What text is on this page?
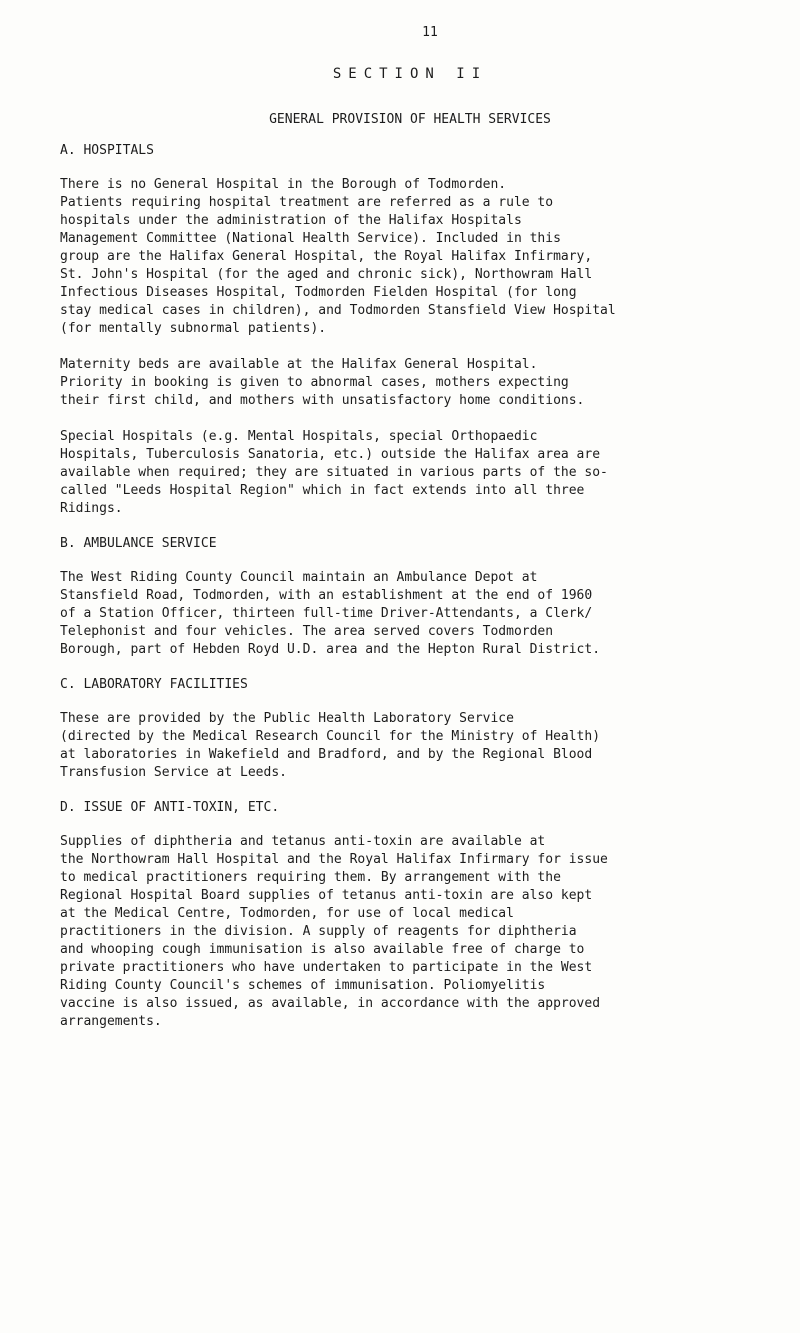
11
SECTION II
GENERAL PROVISION OF HEALTH SERVICES
A. HOSPITALS
There is no General Hospital in the Borough of Todmorden.
Patients requiring hospital treatment are referred as a rule to
hospitals under the administration of the Halifax Hospitals
Management Committee (National Health Service). Included in this
group are the Halifax General Hospital, the Royal Halifax Infirmary,
St. John's Hospital (for the aged and chronic sick), Northowram Hall
Infectious Diseases Hospital, Todmorden Fielden Hospital (for long
stay medical cases in children), and Todmorden Stansfield View Hospital
(for mentally subnormal patients).
Maternity beds are available at the Halifax General Hospital.
Priority in booking is given to abnormal cases, mothers expecting
their first child, and mothers with unsatisfactory home conditions.
Special Hospitals (e.g. Mental Hospitals, special Orthopaedic
Hospitals, Tuberculosis Sanatoria, etc.) outside the Halifax area are
available when required; they are situated in various parts of the so-
called "Leeds Hospital Region" which in fact extends into all three
Ridings.
B. AMBULANCE SERVICE
The West Riding County Council maintain an Ambulance Depot at
Stansfield Road, Todmorden, with an establishment at the end of 1960
of a Station Officer, thirteen full-time Driver-Attendants, a Clerk/
Telephonist and four vehicles. The area served covers Todmorden
Borough, part of Hebden Royd U.D. area and the Hepton Rural District.
C. LABORATORY FACILITIES
These are provided by the Public Health Laboratory Service
(directed by the Medical Research Council for the Ministry of Health)
at laboratories in Wakefield and Bradford, and by the Regional Blood
Transfusion Service at Leeds.
D. ISSUE OF ANTI-TOXIN, ETC.
Supplies of diphtheria and tetanus anti-toxin are available at
the Northowram Hall Hospital and the Royal Halifax Infirmary for issue
to medical practitioners requiring them. By arrangement with the
Regional Hospital Board supplies of tetanus anti-toxin are also kept
at the Medical Centre, Todmorden, for use of local medical
practitioners in the division. A supply of reagents for diphtheria
and whooping cough immunisation is also available free of charge to
private practitioners who have undertaken to participate in the West
Riding County Council's schemes of immunisation. Poliomyelitis
vaccine is also issued, as available, in accordance with the approved
arrangements.
